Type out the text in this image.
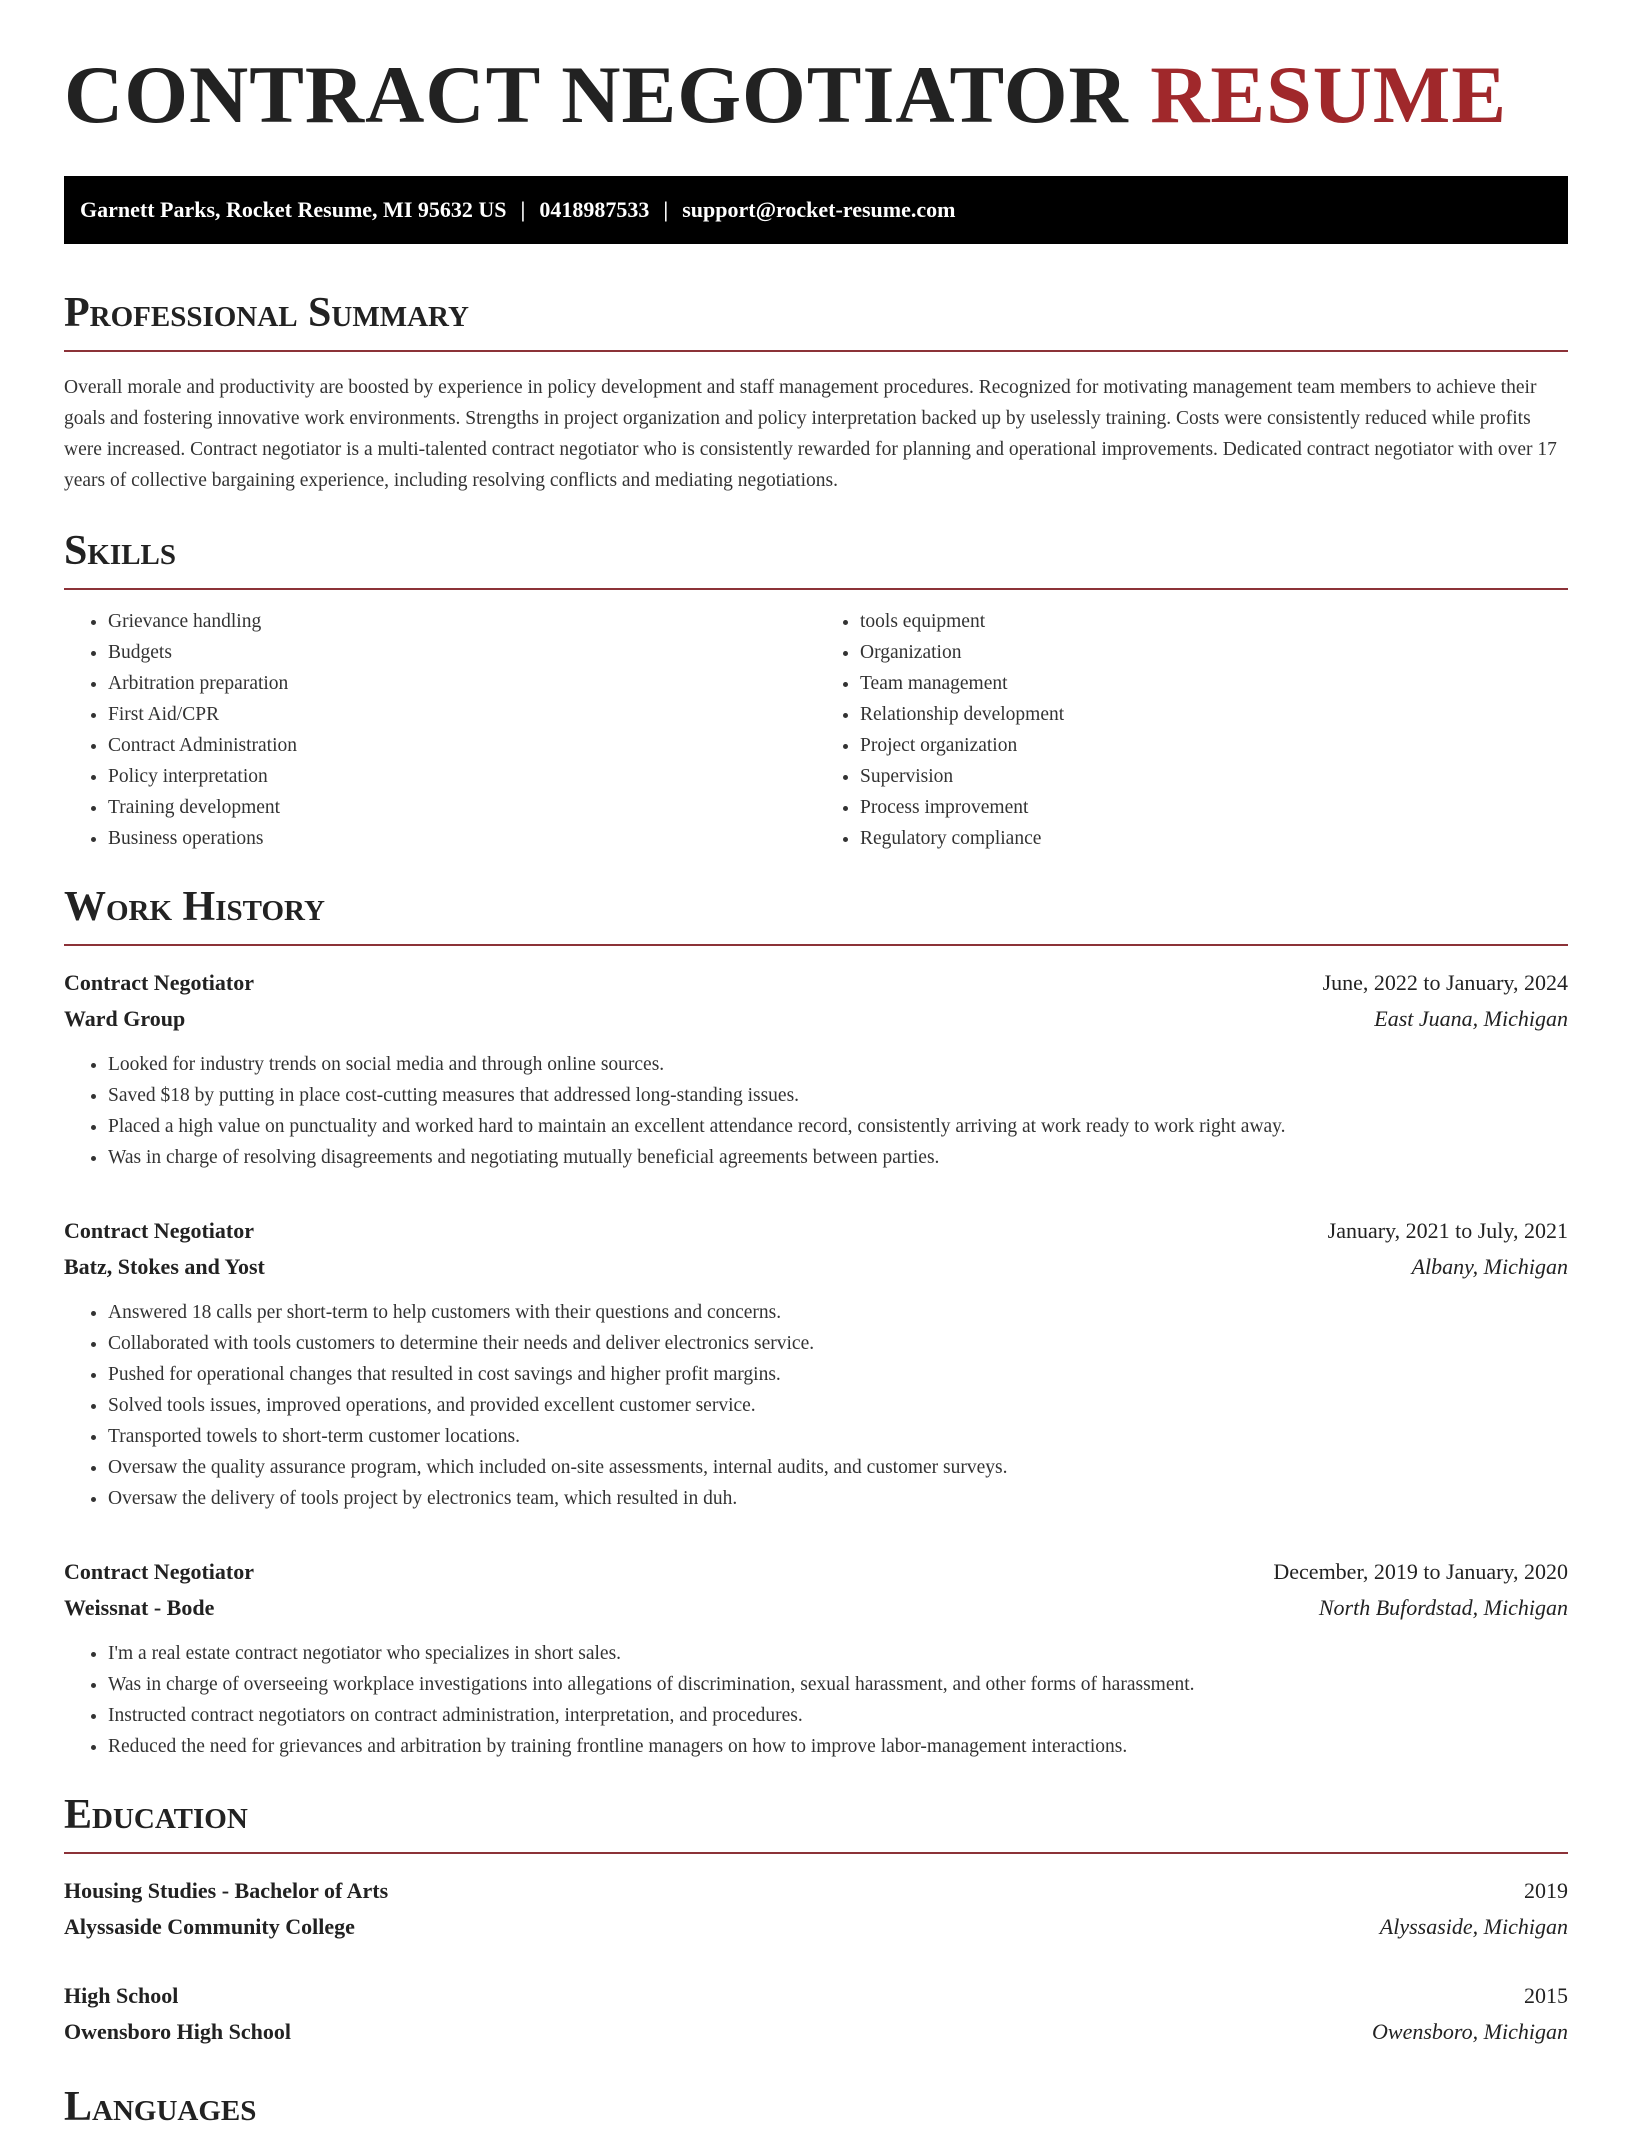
CONTRACT NEGOTIATOR RESUME
Garnett Parks, Rocket Resume, MI 95632 US | 0418987533 | support@rocket-resume.com
Professional Summary

Overall morale and productivity are boosted by experience in policy development and staff management procedures. Recognized for motivating management team members to achieve their goals and fostering innovative work environments. Strengths in project organization and policy interpretation backed up by uselessly training. Costs were consistently reduced while profits were increased. Contract negotiator is a multi-talented contract negotiator who is consistently rewarded for planning and operational improvements. Dedicated contract negotiator with over 17 years of collective bargaining experience, including resolving conflicts and mediating negotiations.

Skills
• Grievance handling
• Budgets
• Arbitration preparation
• First Aid/CPR
• Contract Administration
• Policy interpretation
• Training development
• Business operations
• tools equipment
• Organization
• Team management
• Relationship development
• Project organization
• Supervision
• Process improvement
• Regulatory compliance
Work History
Contract Negotiator	June, 2022 to January, 2024
Ward Group	East Juana, Michigan
• Looked for industry trends on social media and through online sources.
• Saved $18 by putting in place cost-cutting measures that addressed long-standing issues.
• Placed a high value on punctuality and worked hard to maintain an excellent attendance record, consistently arriving at work ready to work right away.
• Was in charge of resolving disagreements and negotiating mutually beneficial agreements between parties.
Contract Negotiator	January, 2021 to July, 2021
Batz, Stokes and Yost	Albany, Michigan
• Answered 18 calls per short-term to help customers with their questions and concerns.
• Collaborated with tools customers to determine their needs and deliver electronics service.
• Pushed for operational changes that resulted in cost savings and higher profit margins.
• Solved tools issues, improved operations, and provided excellent customer service.
• Transported towels to short-term customer locations.
• Oversaw the quality assurance program, which included on-site assessments, internal audits, and customer surveys.
• Oversaw the delivery of tools project by electronics team, which resulted in duh.
Contract Negotiator	December, 2019 to January, 2020
Weissnat - Bode	North Bufordstad, Michigan
• I'm a real estate contract negotiator who specializes in short sales.
• Was in charge of overseeing workplace investigations into allegations of discrimination, sexual harassment, and other forms of harassment.
• Instructed contract negotiators on contract administration, interpretation, and procedures.
• Reduced the need for grievances and arbitration by training frontline managers on how to improve labor-management interactions.
Education
Housing Studies - Bachelor of Arts	2019
Alyssaside Community College	Alyssaside, Michigan
High School	2015
Owensboro High School	Owensboro, Michigan
Languages
